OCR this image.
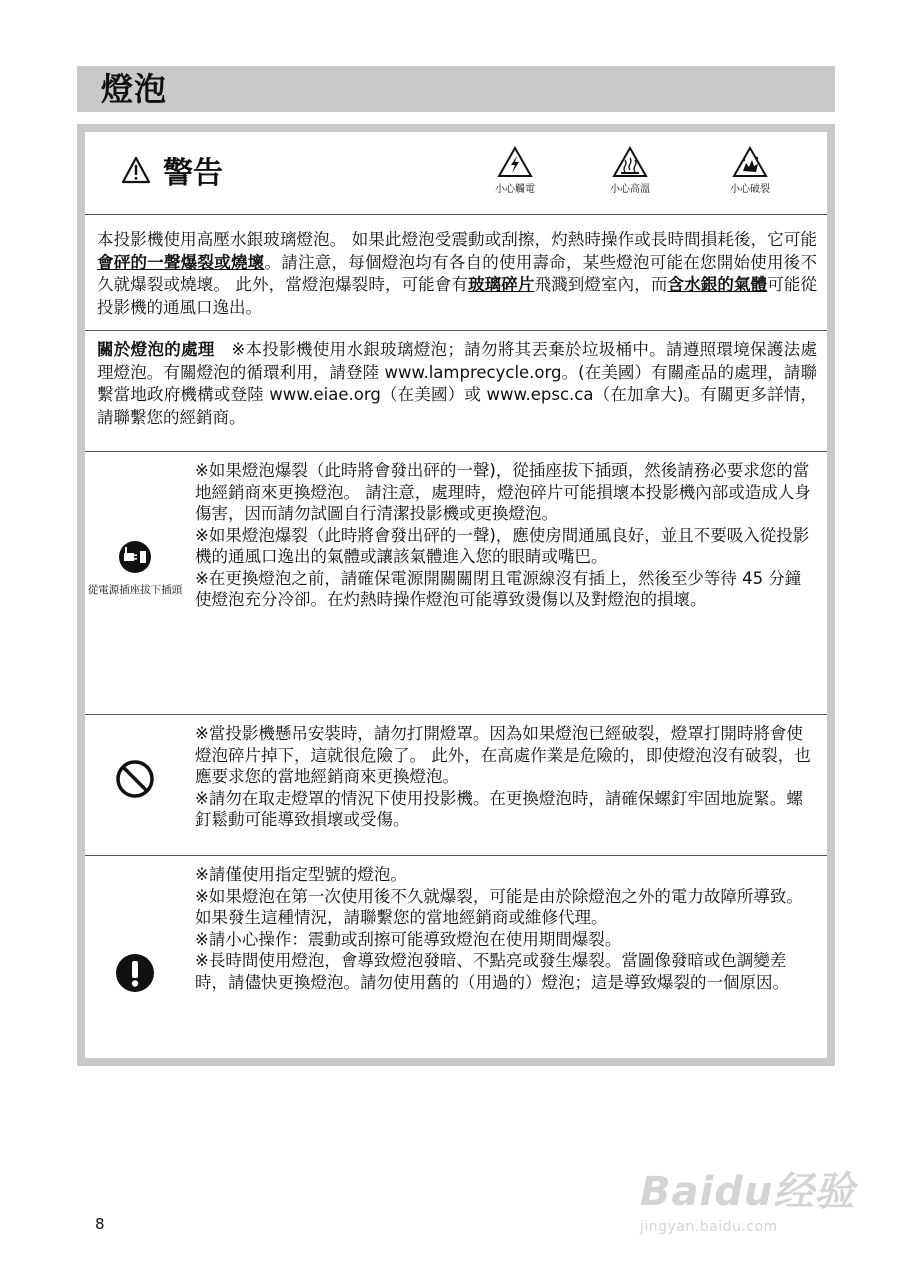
燈泡
警告	小心觸電	小心高溫	小心破裂
本投影機使用高壓水銀玻璃燈泡。 如果此燈泡受震動或刮擦，灼熱時操作或長時間損耗後，它可能會砰的一聲爆裂或燒壞。請注意，每個燈泡均有各自的使用壽命，某些燈泡可能在您開始使用後不久就爆裂或燒壞。 此外，當燈泡爆裂時，可能會有玻璃碎片飛濺到燈室內，而含水銀的氣體可能從投影機的通風口逸出。
關於燈泡的處理 ※本投影機使用水銀玻璃燈泡；請勿將其丟棄於垃圾桶中。請遵照環境保護法處理燈泡。有關燈泡的循環利用，請登陸 www.lamprecycle.org。(在美國）有關產品的處理，請聯繫當地政府機構或登陸 www.eiae.org（在美國）或 www.epsc.ca（在加拿大)。有關更多詳情，請聯繫您的經銷商。
從電源插座拔下插頭

※如果燈泡爆裂（此時將會發出砰的一聲)，從插座拔下插頭，然後請務必要求您的當地經銷商來更換燈泡。 請注意，處理時，燈泡碎片可能損壞本投影機內部或造成人身傷害，因而請勿試圖自行清潔投影機或更換燈泡。

※如果燈泡爆裂（此時將會發出砰的一聲)，應使房間通風良好，並且不要吸入從投影機的通風口逸出的氣體或讓該氣體進入您的眼睛或嘴巴。

※在更換燈泡之前，請確保電源開關關閉且電源線沒有插上，然後至少等待 45 分鐘使燈泡充分冷卻。在灼熱時操作燈泡可能導致燙傷以及對燈泡的損壞。

※當投影機懸吊安裝時，請勿打開燈罩。因為如果燈泡已經破裂，燈罩打開時將會使燈泡碎片掉下，這就很危險了。 此外，在高處作業是危險的，即使燈泡沒有破裂，也應要求您的當地經銷商來更換燈泡。

※請勿在取走燈罩的情況下使用投影機。在更換燈泡時，請確保螺釘牢固地旋緊。螺釘鬆動可能導致損壞或受傷。

※請僅使用指定型號的燈泡。

※如果燈泡在第一次使用後不久就爆裂，可能是由於除燈泡之外的電力故障所導致。如果發生這種情況，請聯繫您的當地經銷商或維修代理。

※請小心操作：震動或刮擦可能導致燈泡在使用期間爆裂。

※長時間使用燈泡，會導致燈泡發暗、不點亮或發生爆裂。當圖像發暗或色調變差時，請儘快更換燈泡。請勿使用舊的（用過的）燈泡；這是導致爆裂的一個原因。

8
Baidu经验
jingyan.baidu.com
